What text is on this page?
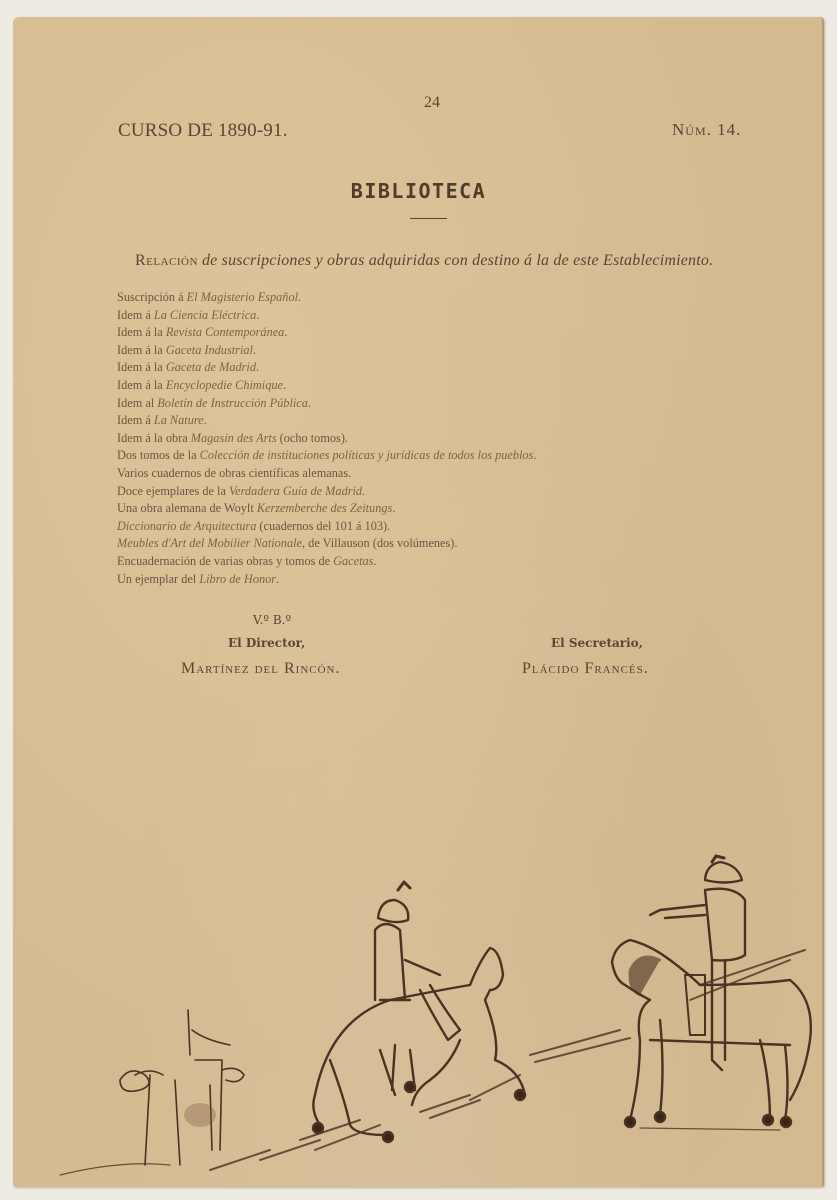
24
CURSO DE 1890-91.	Núm. 14.
BIBLIOTECA
Relación de suscripciones y obras adquiridas con destino á la de este Establecimiento.
Suscripción á El Magisterio Español.
Idem á La Ciencia Eléctrica.
Idem á la Revista Contemporánea.
Idem á la Gaceta Industrial.
Idem á la Gaceta de Madrid.
Idem á la Encyclopedie Chimique.
Idem al Boletín de Instrucción Pública.
Idem á La Nature.
Idem á la obra Magasin des Arts (ocho tomos).
Dos tomos de la Colección de instituciones políticas y jurídicas de todos los pueblos.
Varios cuadernos de obras científicas alemanas.
Doce ejemplares de la Verdadera Guía de Madrid.
Una obra alemana de Woylt Kerzemberche des Zeitungs.
Diccionario de Arquitectura (cuadernos del 101 á 103).
Meubles d'Art del Mobilier Nationale, de Villauson (dos volúmenes).
Encuadernación de varias obras y tomos de Gacetas.
Un ejemplar del Libro de Honor.
V.º B.º
El Director,	El Secretario,
Martínez del Rincón.	Plácido Francés.
